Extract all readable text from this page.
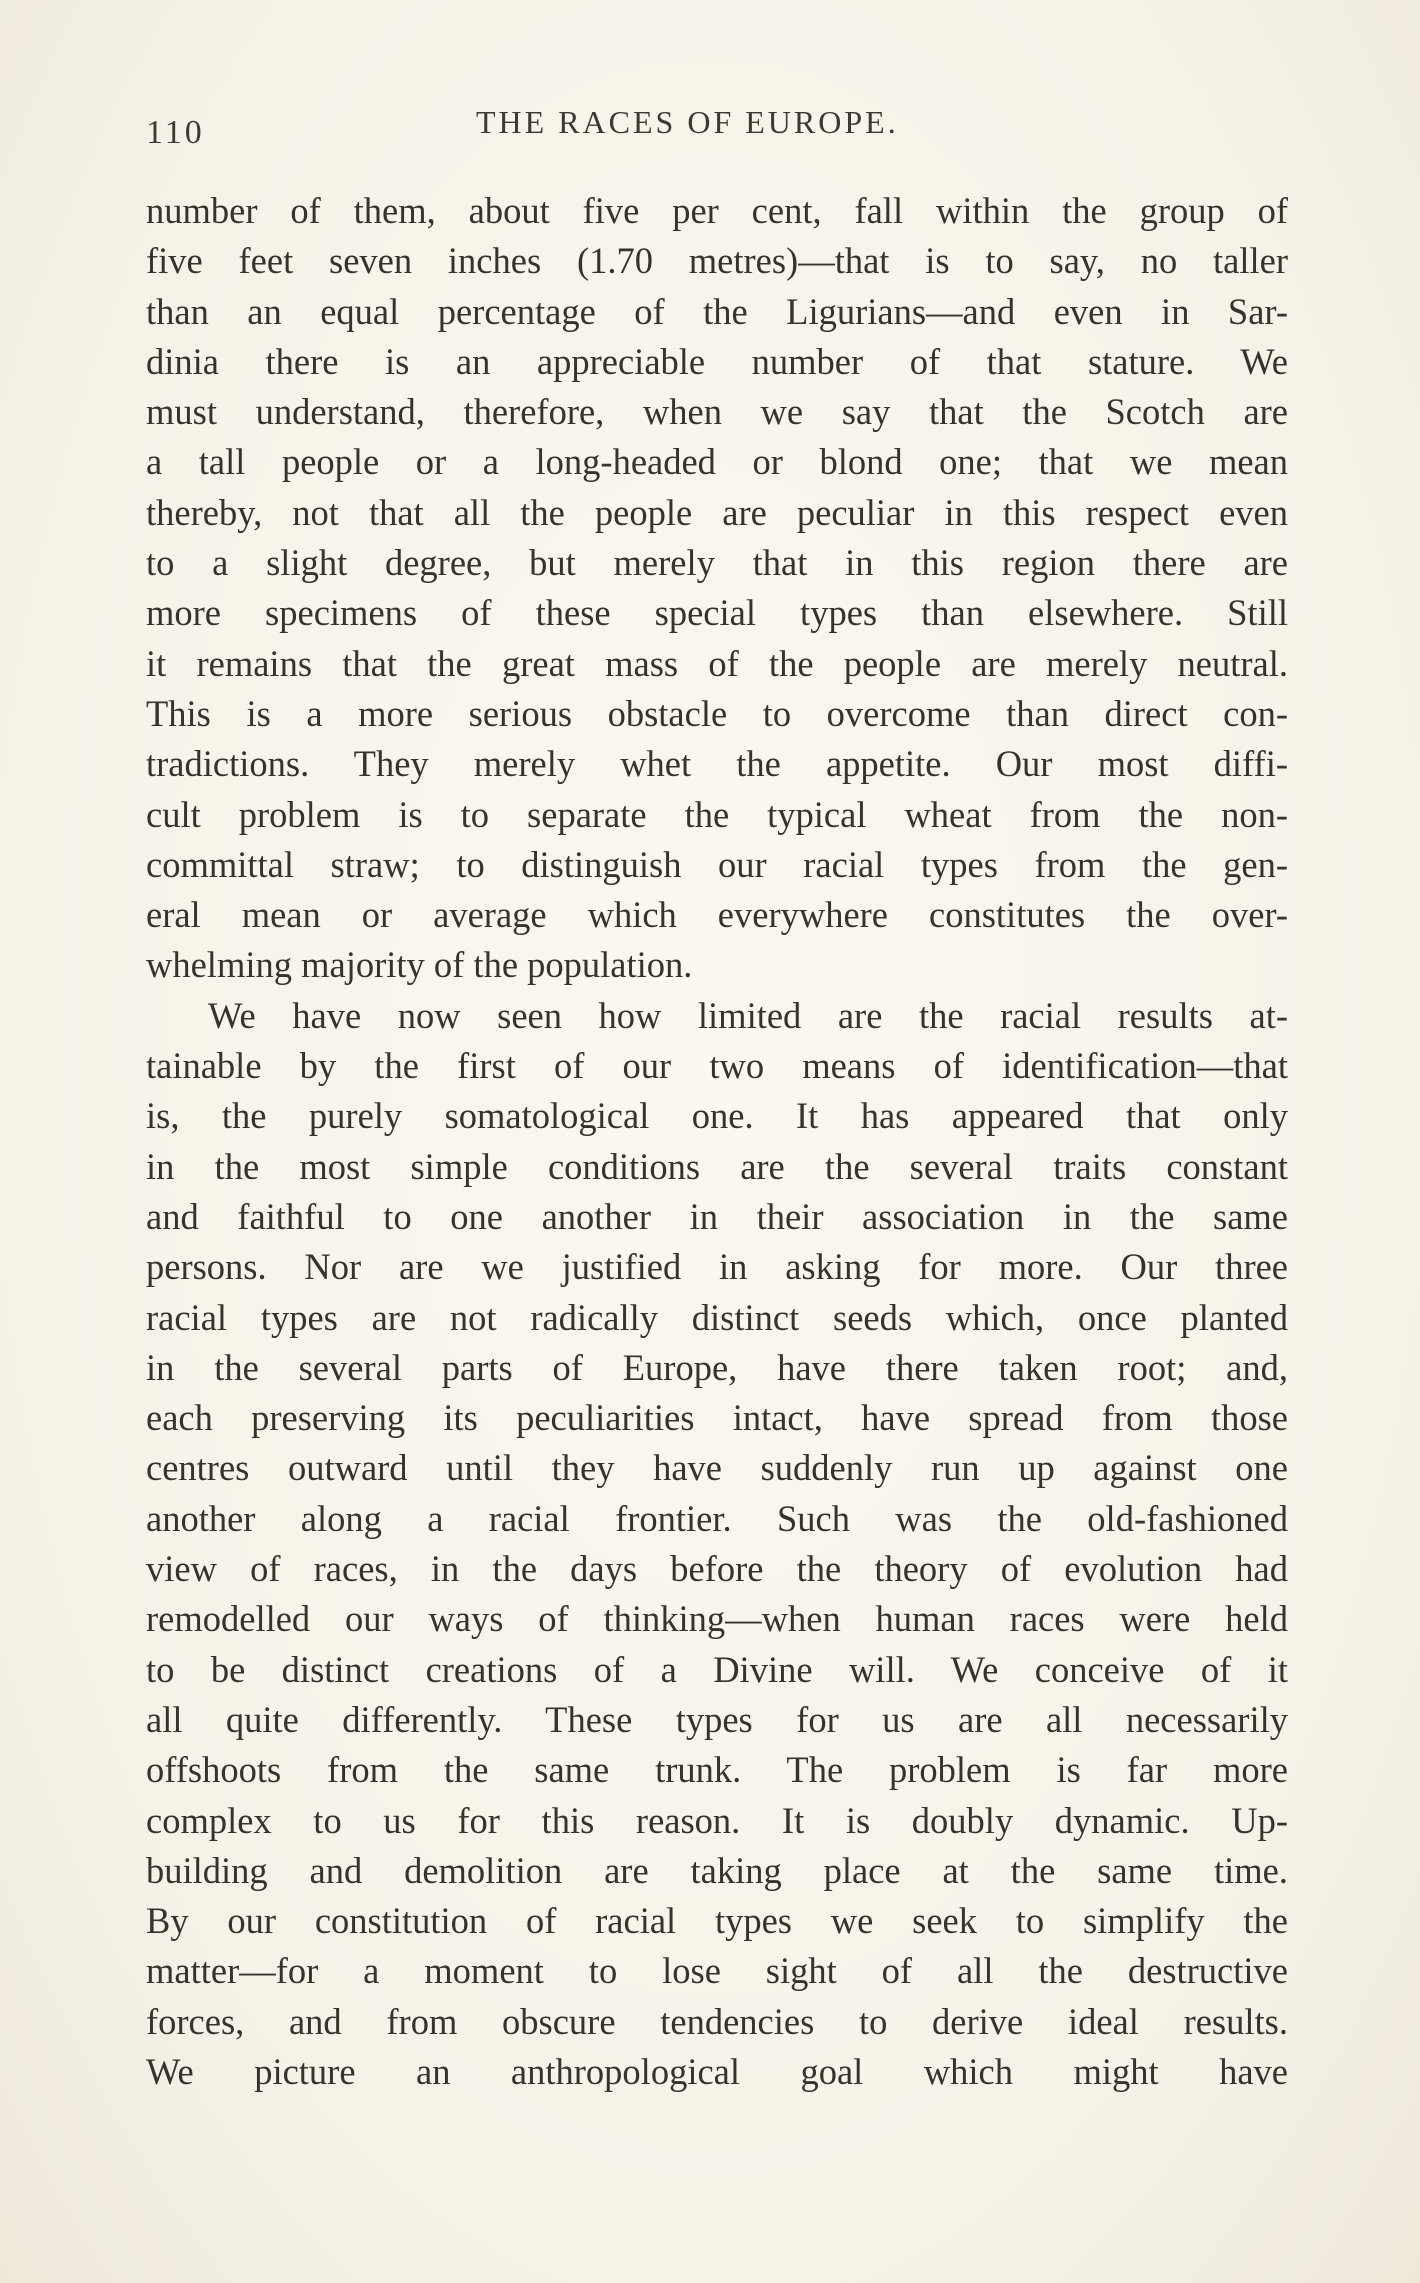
110	THE RACES OF EUROPE.
number of them, about five per cent, fall within the group of
five feet seven inches (1.70 metres)—that is to say, no taller
than an equal percentage of the Ligurians—and even in Sar-
dinia there is an appreciable number of that stature. We
must understand, therefore, when we say that the Scotch are
a tall people or a long-headed or blond one; that we mean
thereby, not that all the people are peculiar in this respect even
to a slight degree, but merely that in this region there are
more specimens of these special types than elsewhere. Still
it remains that the great mass of the people are merely neutral.
This is a more serious obstacle to overcome than direct con-
tradictions. They merely whet the appetite. Our most diffi-
cult problem is to separate the typical wheat from the non-
committal straw; to distinguish our racial types from the gen-
eral mean or average which everywhere constitutes the over-
whelming majority of the population.
We have now seen how limited are the racial results at-
tainable by the first of our two means of identification—that
is, the purely somatological one. It has appeared that only
in the most simple conditions are the several traits constant
and faithful to one another in their association in the same
persons. Nor are we justified in asking for more. Our three
racial types are not radically distinct seeds which, once planted
in the several parts of Europe, have there taken root; and,
each preserving its peculiarities intact, have spread from those
centres outward until they have suddenly run up against one
another along a racial frontier. Such was the old-fashioned
view of races, in the days before the theory of evolution had
remodelled our ways of thinking—when human races were held
to be distinct creations of a Divine will. We conceive of it
all quite differently. These types for us are all necessarily
offshoots from the same trunk. The problem is far more
complex to us for this reason. It is doubly dynamic. Up-
building and demolition are taking place at the same time.
By our constitution of racial types we seek to simplify the
matter—for a moment to lose sight of all the destructive
forces, and from obscure tendencies to derive ideal results.
We picture an anthropological goal which might have
